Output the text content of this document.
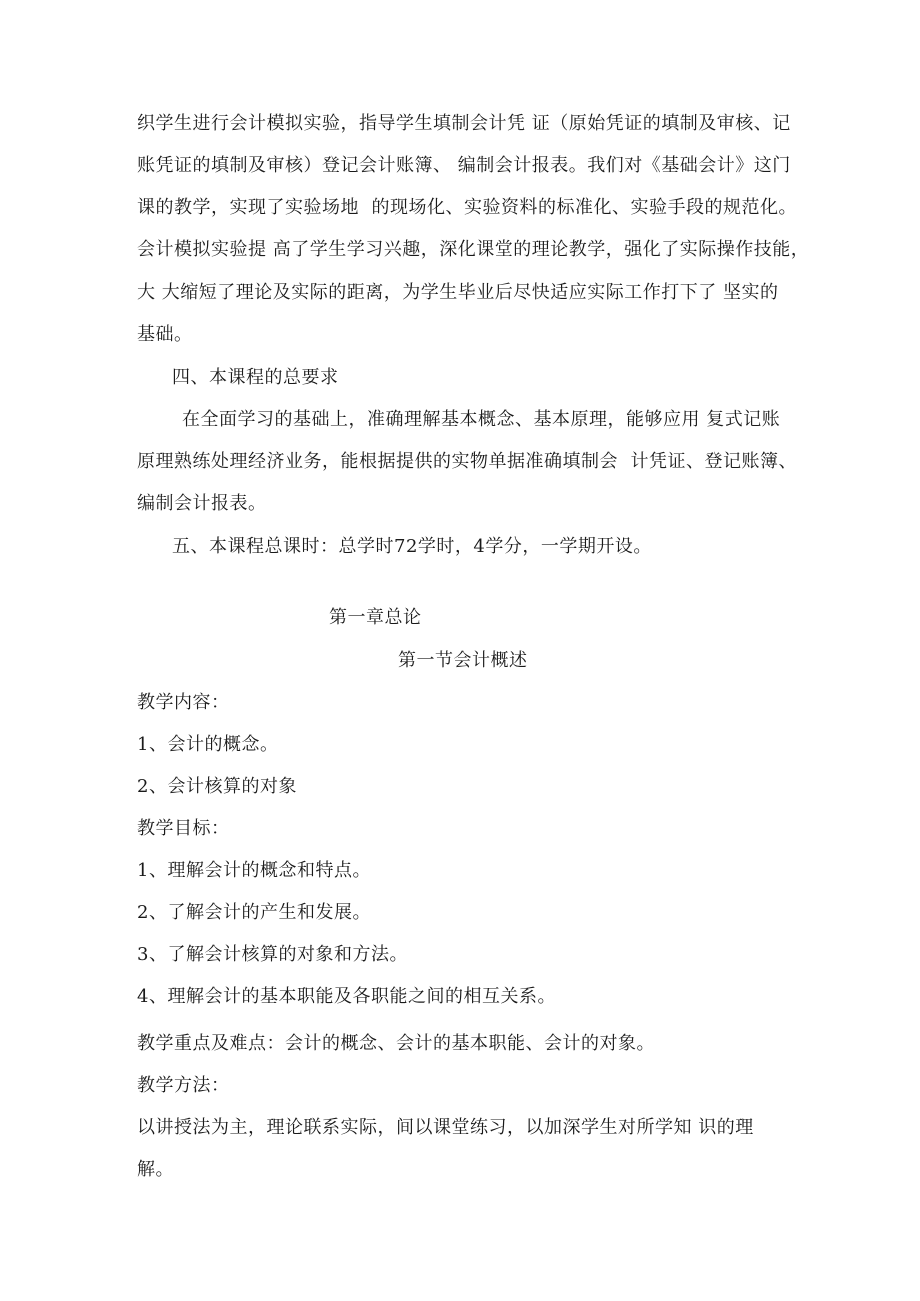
织学生进行会计模拟实验，指导学生填制会计凭 证（原始凭证的填制及审核、记
账凭证的填制及审核）登记会计账簿、 编制会计报表。我们对《基础会计》这门
课的教学，实现了实验场地  的现场化、实验资料的标准化、实验手段的规范化。
会计模拟实验提 高了学生学习兴趣，深化课堂的理论教学，强化了实际操作技能，
大 大缩短了理论及实际的距离，为学生毕业后尽快适应实际工作打下了 坚实的
基础。
四、本课程的总要求
在全面学习的基础上，准确理解基本概念、基本原理，能够应用 复式记账
原理熟练处理经济业务，能根据提供的实物单据准确填制会  计凭证、登记账簿、
编制会计报表。
五、本课程总课时：总学时72学时，4学分，一学期开设。
第一章总论
第一节会计概述
教学内容：
1、会计的概念。
2、会计核算的对象
教学目标：
1、理解会计的概念和特点。
2、了解会计的产生和发展。
3、了解会计核算的对象和方法。
4、理解会计的基本职能及各职能之间的相互关系。
教学重点及难点：会计的概念、会计的基本职能、会计的对象。
教学方法：
以讲授法为主，理论联系实际，间以课堂练习，以加深学生对所学知 识的理
解。
